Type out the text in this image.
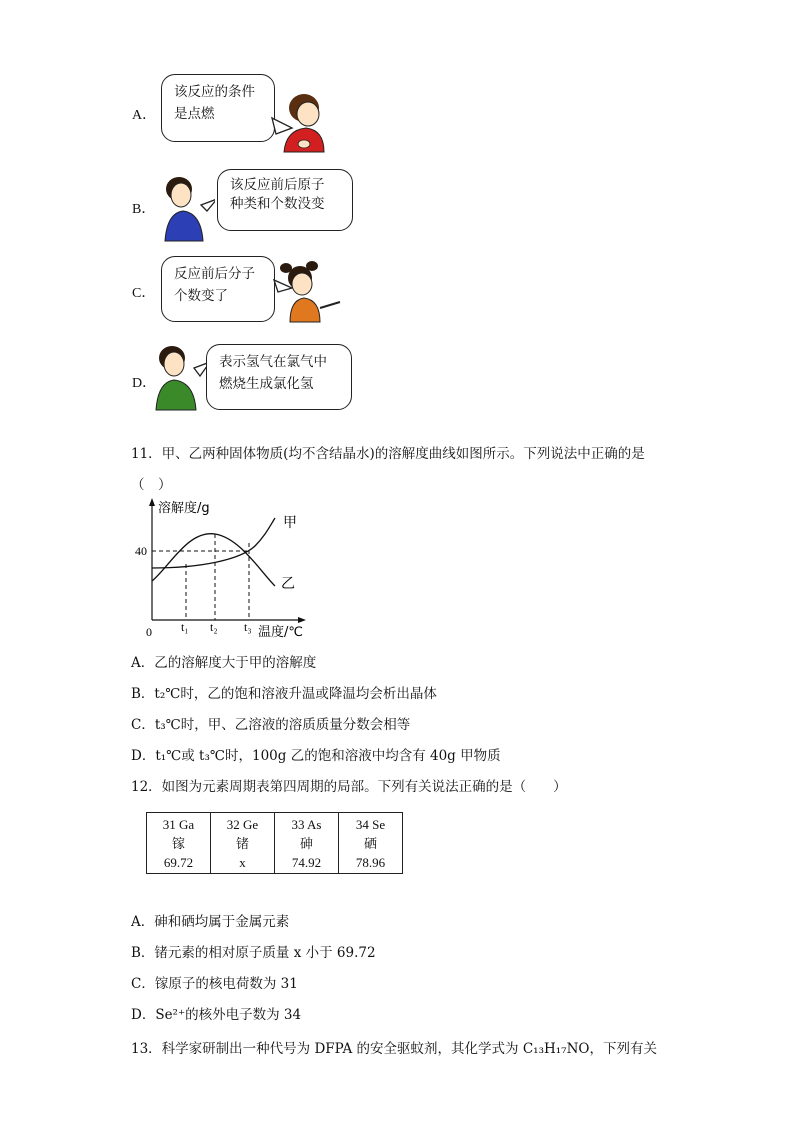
A．
该反应的条件
是点燃
B．
该反应前后原子
种类和个数没变
C．
反应前后分子
个数变了
D．
表示氢气在氯气中
燃烧生成氯化氢
11．甲、乙两种固体物质(均不含结晶水)的溶解度曲线如图所示。下列说法中正确的是
（　）
甲
乙
溶解度/g
40
0 t₁ t₂ t₃ 温度/℃
A．乙的溶解度大于甲的溶解度
B．t₂℃时，乙的饱和溶液升温或降温均会析出晶体
C．t₃℃时，甲、乙溶液的溶质质量分数会相等
D．t₁℃或 t₃℃时，100g 乙的饱和溶液中均含有 40g 甲物质
12．如图为元素周期表第四周期的局部。下列有关说法正确的是（　　）
31 Ga
镓
69.72

32 Ge
锗
x

33 As
砷
74.92

34 Se
硒
78.96
A．砷和硒均属于金属元素
B．锗元素的相对原子质量 x 小于 69.72
C．镓原子的核电荷数为 31
D．Se²⁺的核外电子数为 34
13．科学家研制出一种代号为 DFPA 的安全驱蚊剂，其化学式为 C₁₃H₁₇NO，下列有关
